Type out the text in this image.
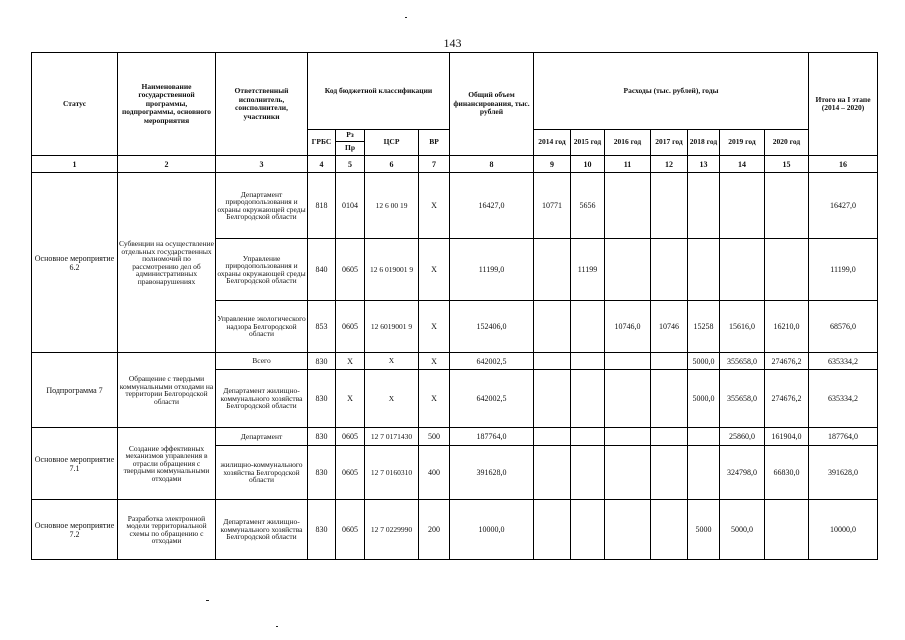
143
Статус	Наименование государственной программы, подпрограммы, основного мероприятия	Ответственный исполнитель, соисполнители, участники	Код бюджетной классификации				Общий объем финансирования, тыс. рублей	Расходы (тыс. рублей), годы							Итого на I этапе (2014 – 2020)
			ГРБС	Рз	ЦСР	ВР		2014 год	2015 год	2016 год	2017 год	2018 год	2019 год	2020 год	
				Пр											
1	2	3	4	5	6	7	8	9	10	11	12	13	14	15	16
Основное мероприятие 6.2	Субвенции на осуществление отдельных государственных полномочий по рассмотрению дел об административных правонарушениях	Департамент природопользования и охраны окружающей среды Белгородской области	818	0104	12 6 00 19	Х	16427,0	10771	5656						16427,0
		Управление природопользования и охраны окружающей среды Белгородской области	840	0605	12 6 019001 9	Х	11199,0		11199						11199,0
		Управление экологического надзора Белгородской области	853	0605	12 6019001 9	Х	152406,0			10746,0	10746	15258	15616,0	16210,0	68576,0
Подпрограмма 7	Обращение с твердыми коммунальными отходами на территории Белгородской области	Всего	830	Х	Х	Х	642002,5					5000,0	355658,0	274676,2	635334,2
		Департамент жилищно-коммунального хозяйства Белгородской области	830	Х	Х	Х	642002,5					5000,0	355658,0	274676,2	635334,2
Основное мероприятие 7.1	Создание эффективных механизмов управления в отрасли обращения с твердыми коммунальными отходами	Департамент	830	0605	12 7 0171430	500	187764,0						25860,0	161904,0	187764,0
		жилищно-коммунального хозяйства Белгородской области	830	0605	12 7 0160310	400	391628,0						324798,0	66830,0	391628,0
Основное мероприятие 7.2	Разработка электронной модели территориальной схемы по обращению с отходами	Департамент жилищно-коммунального хозяйства Белгородской области	830	0605	12 7 0229990	200	10000,0					5000	5000,0		10000,0
